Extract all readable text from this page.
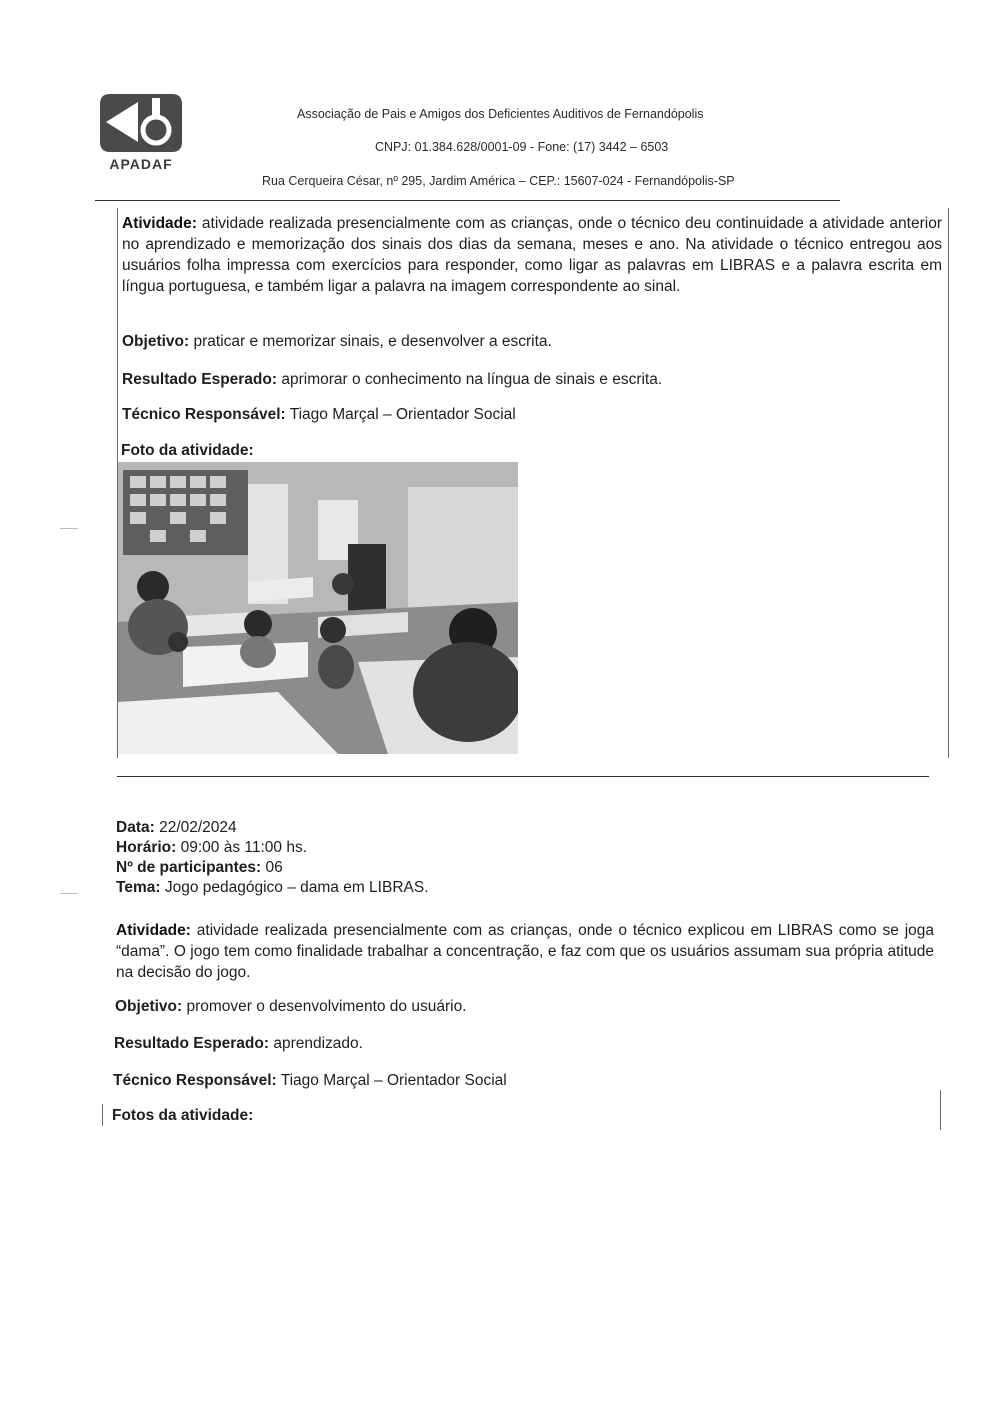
APADAF
Associação de Pais e Amigos dos Deficientes Auditivos de Fernandópolis
CNPJ: 01.384.628/0001-09 - Fone: (17) 3442 – 6503
Rua Cerqueira César, nº 295, Jardim América – CEP.: 15607-024 - Fernandópolis-SP
Atividade: atividade realizada presencialmente com as crianças, onde o técnico deu continuidade a atividade anterior no aprendizado e memorização dos sinais dos dias da semana, meses e ano. Na atividade o técnico entregou aos usuários folha impressa com exercícios para responder, como ligar as palavras em LIBRAS e a palavra escrita em língua portuguesa, e também ligar a palavra na imagem correspondente ao sinal.
Objetivo: praticar e memorizar sinais, e desenvolver a escrita.
Resultado Esperado: aprimorar o conhecimento na língua de sinais e escrita.
Técnico Responsável: Tiago Marçal – Orientador Social
Foto da atividade:
Data: 22/02/2024
Horário: 09:00 às 11:00 hs.
Nº de participantes: 06
Tema: Jogo pedagógico – dama em LIBRAS.
Atividade: atividade realizada presencialmente com as crianças, onde o técnico explicou em LIBRAS como se joga “dama”. O jogo tem como finalidade trabalhar a concentração, e faz com que os usuários assumam sua própria atitude na decisão do jogo.
Objetivo: promover o desenvolvimento do usuário.
Resultado Esperado: aprendizado.
Técnico Responsável: Tiago Marçal – Orientador Social
Fotos da atividade:
